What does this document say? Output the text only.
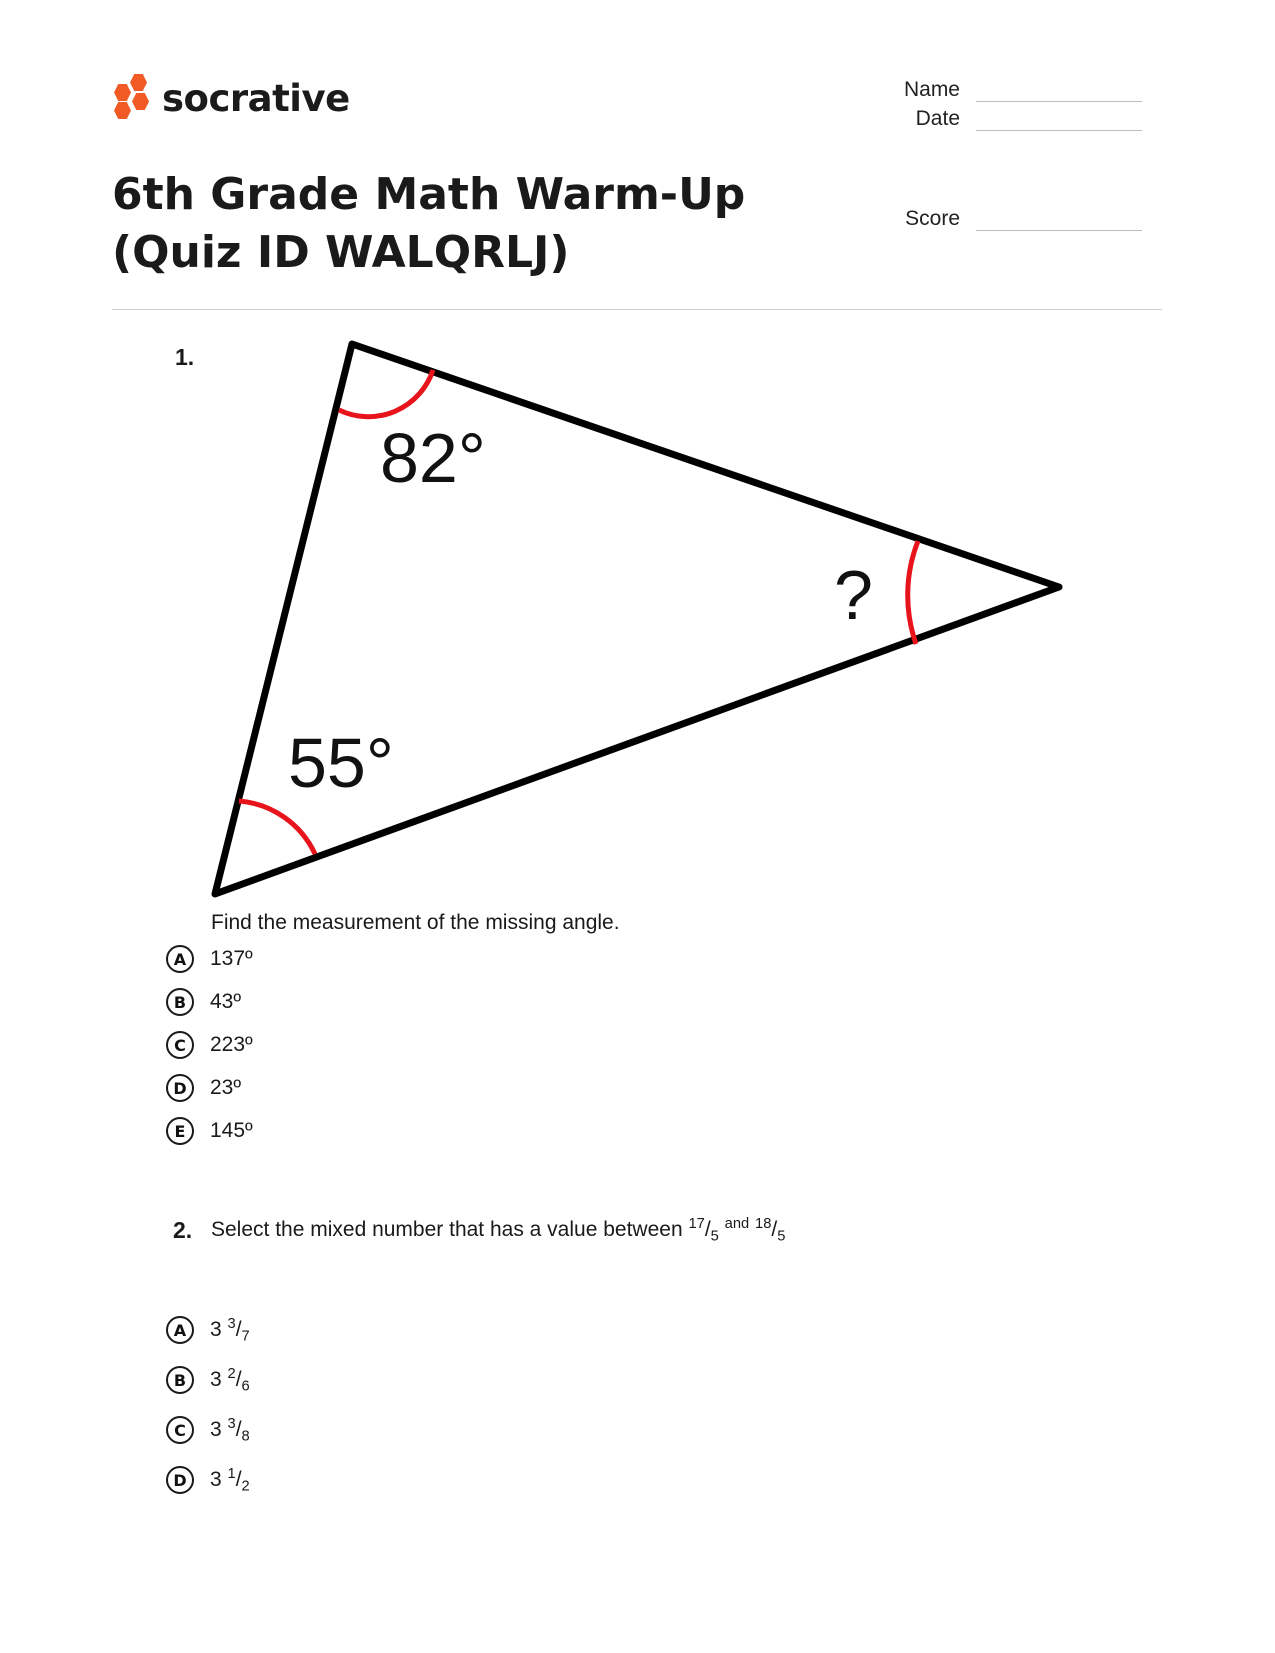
socrative	Name
Date
Score
6th Grade Math Warm-Up (Quiz ID WALQRLJ)
1.
82°
?
55°
Find the measurement of the missing angle.
A	137º
B	43º
C	223º
D	23º
E	145º
2. Select the mixed number that has a value between $^{17}/_5$ $^{and}$ $^{18}/_5$
A	3 $^3/_7$
B	3 $^2/_6$
C	3 $^3/_8$
D	3 $^1/_2$
